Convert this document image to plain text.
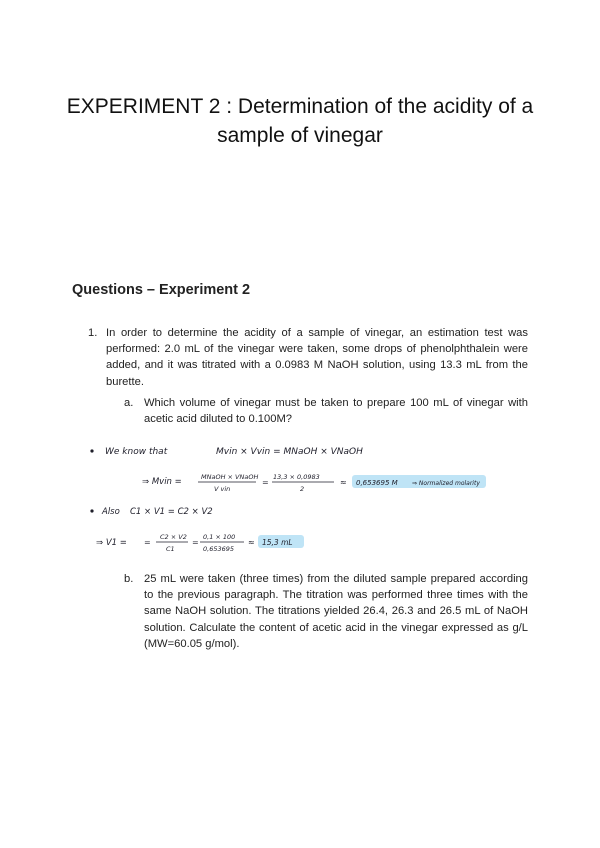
EXPERIMENT 2 : Determination of the acidity of a
sample of vinegar
Questions – Experiment 2
1. In order to determine the acidity of a sample of vinegar, an estimation test was performed: 2.0 mL of the vinegar were taken, some drops of phenolphthalein were added, and it was titrated with a 0.0983 M NaOH solution, using 13.3 mL from the burette.
a. Which volume of vinegar must be taken to prepare 100 mL of vinegar with acetic acid diluted to 0.100M?
We know that	Mvin × Vvin = MNaOH × VNaOH
⇒ Mvin =	MNaOH × VNaOH
V vin
=
13,3 × 0,0983
2
≈ 0,653695 M ⇒ Normalized molarity
Also C1 × V1 = C2 × V2
⇒ V1 = =
C2 × V2
C1
=
0,1 × 100
0,653695
≈ 15,3 mL
b. 25 mL were taken (three times) from the diluted sample prepared according to the previous paragraph. The titration was performed three times with the same NaOH solution. The titrations yielded 26.4, 26.3 and 26.5 mL of NaOH solution. Calculate the content of acetic acid in the vinegar expressed as g/L (MW=60.05 g/mol).
